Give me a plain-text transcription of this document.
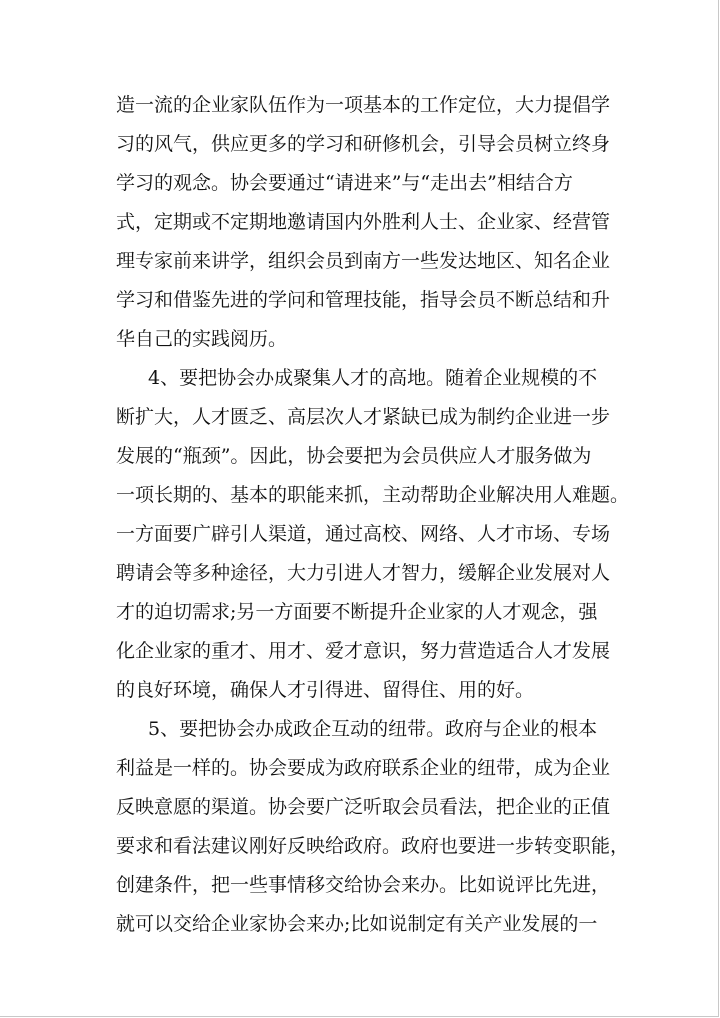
造一流的企业家队伍作为一项基本的工作定位，大力提倡学
习的风气，供应更多的学习和研修机会，引导会员树立终身
学习的观念。协会要通过“请进来”与“走出去”相结合方
式，定期或不定期地邀请国内外胜利人士、企业家、经营管
理专家前来讲学，组织会员到南方一些发达地区、知名企业
学习和借鉴先进的学问和管理技能，指导会员不断总结和升
华自己的实践阅历。
4、要把协会办成聚集人才的高地。随着企业规模的不
断扩大，人才匮乏、高层次人才紧缺已成为制约企业进一步
发展的“瓶颈”。因此，协会要把为会员供应人才服务做为
一项长期的、基本的职能来抓，主动帮助企业解决用人难题。
一方面要广辟引人渠道，通过高校、网络、人才市场、专场
聘请会等多种途径，大力引进人才智力，缓解企业发展对人
才的迫切需求;另一方面要不断提升企业家的人才观念，强
化企业家的重才、用才、爱才意识，努力营造适合人才发展
的良好环境，确保人才引得进、留得住、用的好。
5、要把协会办成政企互动的纽带。政府与企业的根本
利益是一样的。协会要成为政府联系企业的纽带，成为企业
反映意愿的渠道。协会要广泛听取会员看法，把企业的正值
要求和看法建议刚好反映给政府。政府也要进一步转变职能，
创建条件，把一些事情移交给协会来办。比如说评比先进，
就可以交给企业家协会来办;比如说制定有关产业发展的一
